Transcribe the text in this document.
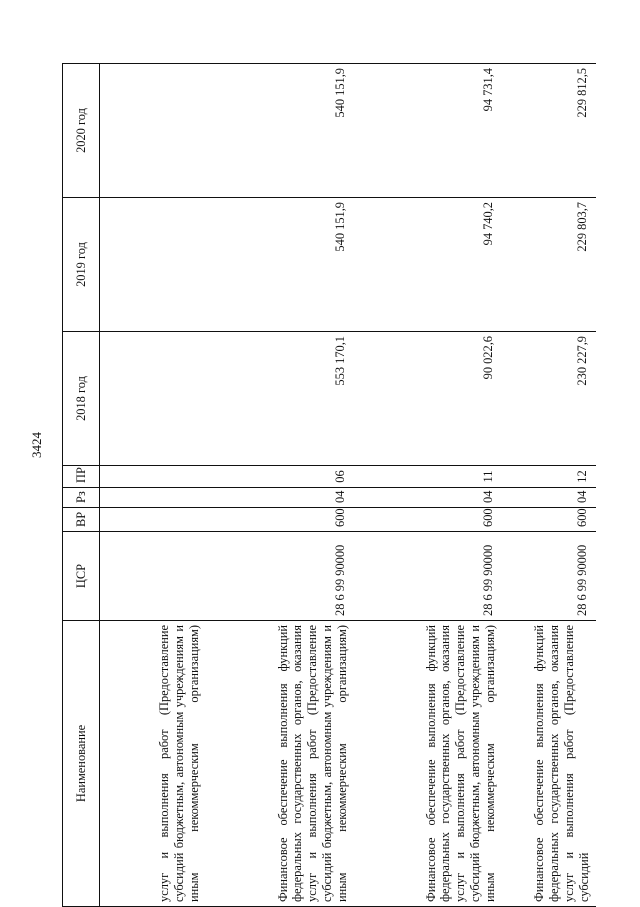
3424
Наименование	ЦСР	ВР	Рз	ПР	2018 год	2019 год	2020 год
услуг и выполнения работ (Предоставление субсидий бюджетным, автономным учреждениям и иным некоммерческим организациям)							
Финансовое обеспечение выполнения функций федеральных государственных органов, оказания услуг и выполнения работ (Предоставление субсидий бюджетным, автономным учреждениям и иным некоммерческим организациям)	28 6 99 90000	600	04	06	553 170,1	540 151,9	540 151,9
Финансовое обеспечение выполнения функций федеральных государственных органов, оказания услуг и выполнения работ (Предоставление субсидий бюджетным, автономным учреждениям и иным некоммерческим организациям)	28 6 99 90000	600	04	11	90 022,6	94 740,2	94 731,4
Финансовое обеспечение выполнения функций федеральных государственных органов, оказания услуг и выполнения работ (Предоставление субсидий	28 6 99 90000	600	04	12	230 227,9	229 803,7	229 812,5
